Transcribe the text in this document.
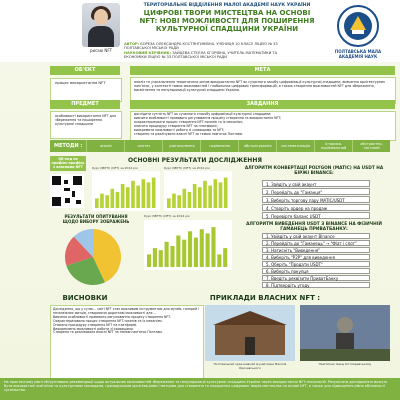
рисаю NFT
ТЕРИТОРІАЛЬНЕ ВІДДІЛЕННЯ МАЛОЇ АКАДЕМІЇ НАУК УКРАЇНИ
ЦИФРОВІ ТВОРИ МИСТЕЦТВА НА ОСНОВІ
NFT: НОВІ МОЖЛИВОСТІ ДЛЯ ПОШИРЕННЯ
КУЛЬТУРНОЇ СПАДЩИНИ УКРАЇНИ
АВТОР: БОРЕЗА ОЛЕКСАНДРА КОСТЯНТИНІВНА, УЧЕНИЦЯ 10 КЛАСУ ЛІЦЕЮ № 33
ПОЛТАВСЬКОЇ МІСЬКОЇ РАДИ
НАУКОВИЙ КЕРІВНИК: ЗАЙЦЕВА СТЕЛЛА ЄГОРІВНА, УЧИТЕЛЬ МАТЕМАТИКИ ТА
ЕКОНОМІКИ ЛІЦЕЮ № 33 ПОЛТАВСЬКОЇ МІСЬКОЇ РАДИ
ПОЛТАВСЬКА МАЛА АКАДЕМІЯ НАУК
ОБ'ЄКТ
процес використання NFT
МЕТА
аналіз та узагальнення теоретичних основ використання NFT як сучасного засобу цифровізації культурної спадщини, вивчення архітектурних пам'яток, у контексті нових можливостей і глобальних цифрових трансформацій, а також створення можливостей NFT для збереження, висвітлення та популяризації культурної спадщини України.
ПРЕДМЕТ
особливості використання NFT для збереження та поширення культурної спадщини
ЗАВДАННЯ
дослідити сутність NFT як сучасного способу цифровізації культурної спадщини;
вивчити особливості правового регулювання процесу створення та використання NFT;
охарактеризувати процес створення NFT-токенів та їх механізм;
описати процедуру створення NFT на платформі;
виокремити можливості роботи зі сховищами та NFT;
створити та реалізувати власні NFT за темою пам'яток Полтави.
МЕТОДИ :	аналіз	синтез	узагальнення	порівняння	абстрагування	систематизація	історико-порівняльний
абстрактно-логічний
QR-код на профіль-профіль з власними NFT
ОСНОВНІ РЕЗУЛЬТАТИ ДОСЛІДЖЕННЯ
Курс NBTTC (NFT) за 2024 рік	Курс NBTTC (NFT) за 2024 рік
РЕЗУЛЬТАТИ ОПИТУВАННЯ ЩОДО ВИБОРУ ЗОБРАЖЕНЬ
Курс NBTTC (NFT) за 2024 рік
АЛГОРИТМ КОНВЕРТАЦІЇ POLYGON (MATIC) НА USDT НА БІРЖІ BINANCE:
1. Зайдіть у свій акаунт
2. Перейдіть до "Гаманця"
3. Виберіть торгову пару MATIC/USDT
4. Створіть ордер на продаж
5. Перевірте баланс USDT
АЛГОРИТМ ВИВЕДЕННЯ USDT З BINANCE НА ФІЗИЧНІЙ ГАМАНЕЦЬ ПРИВАТБАНКУ:
1. Увійдіть у свій акаунт Binance
2. Перейдіть до "Гаманець" → "Фіат і спот"
3. Натисніть "Виведення"
4. Виберіть "P2P" для виведення
5. Оберіть "Продати USDT"
6. Виберіть покупця
7. Введіть реквізити ПриватБанку
8. Підтвердіть угоду
ВИСНОВКИ	ПРИКЛАДИ ВЛАСНИХ NFT :
Досліджено, що у сучас... світі NFT стає важливим інструментом для музеїв, галерей і незалежних митців, створюючи додаткові можливості для ...
Вивчено особливості правового регулювання процесу створення NFT.
Охарактеризовано процес створення NFT-токенів та їх механізм.
Описано процедуру створення NFT на платформі.
Виокремлено можливості роботи зі сховищами.
Створено та реалізовано власні NFT за темою пам'яток Полтави.
Полтавський краєзнавчий музей імені Василя Кричевського
Пам'ятник Івану Котляревському

На практичному рівні обґрунтовано рекомендації щодо актуальних можливостей збереження та популяризації культурної спадщини України через використання NFT-технологій. Результати дослідження можуть бути використані освітніми та культурними закладами, громадськими організаціями і митцями для створення та поширення цифрових творів мистецтва на основі NFT, а також для підвищення рівня обізнаності суспільства.
